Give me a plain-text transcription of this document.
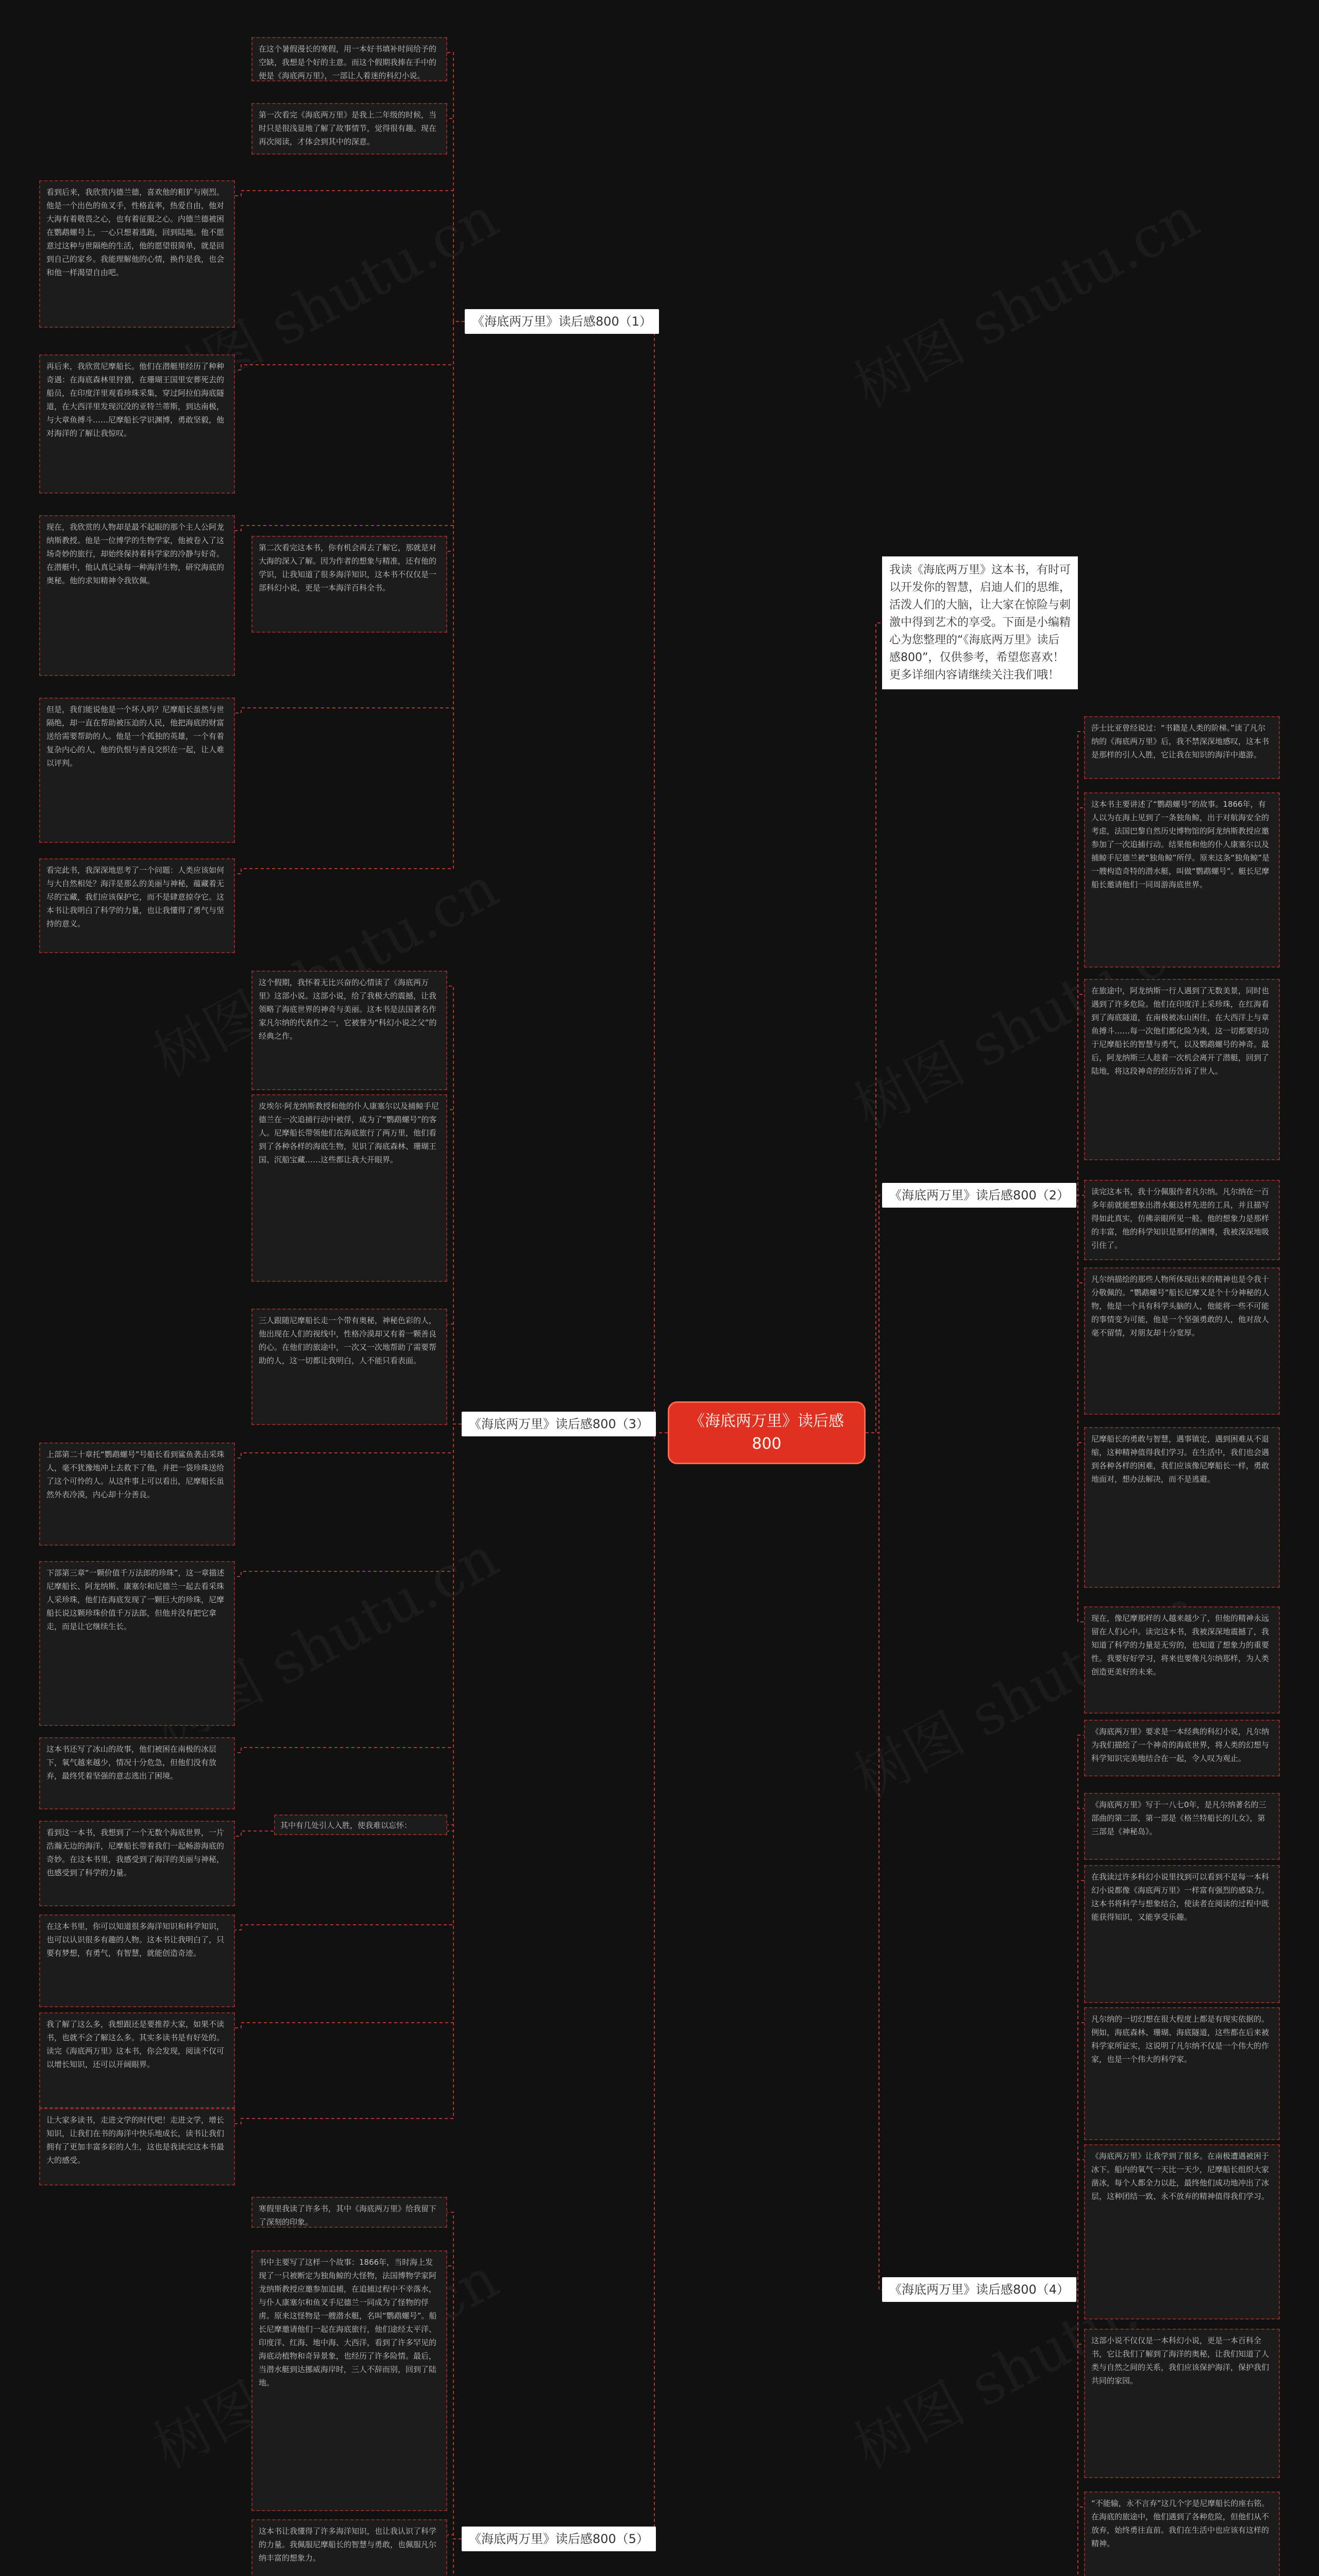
《海底两万里》读后感800
我读《海底两万里》这本书，有时可以开发你的智慧，启迪人们的思维，活泼人们的大脑，让大家在惊险与刺激中得到艺术的享受。下面是小编精心为您整理的“《海底两万里》读后感800”，仅供参考，希望您喜欢！更多详细内容请继续关注我们哦！
《海底两万里》读后感800（1）
在这个暑假漫长的寒假，用一本好书填补时间给予的空缺，我想是个好的主意。而这个假期我捧在手中的便是《海底两万里》，一部让人着迷的科幻小说。
第一次看完《海底两万里》是我上二年级的时候，当时只是很浅显地了解了故事情节，觉得很有趣。现在再次阅读，才体会到其中的深意。
看到后来，我欣赏内德兰德，喜欢他的粗犷与刚烈。他是一个出色的鱼叉手，性格直率，热爱自由，他对大海有着敬畏之心，也有着征服之心。内德兰德被困在鹦鹉螺号上，一心只想着逃跑，回到陆地。他不愿意过这种与世隔绝的生活，他的愿望很简单，就是回到自己的家乡。我能理解他的心情，换作是我，也会和他一样渴望自由吧。
再后来，我欣赏尼摩船长。他们在潜艇里经历了种种奇遇：在海底森林里狩猎，在珊瑚王国里安葬死去的船员，在印度洋里观看珍珠采集，穿过阿拉伯海底隧道，在大西洋里发现沉没的亚特兰蒂斯，到达南极，与大章鱼搏斗……尼摩船长学识渊博，勇敢坚毅，他对海洋的了解让我惊叹。
现在，我欣赏的人物却是最不起眼的那个主人公阿龙纳斯教授。他是一位博学的生物学家，他被卷入了这场奇妙的旅行，却始终保持着科学家的冷静与好奇。在潜艇中，他认真记录每一种海洋生物，研究海底的奥秘。他的求知精神令我钦佩。
但是，我们能说他是一个坏人吗？尼摩船长虽然与世隔绝，却一直在帮助被压迫的人民，他把海底的财富送给需要帮助的人。他是一个孤独的英雄，一个有着复杂内心的人，他的仇恨与善良交织在一起，让人难以评判。
看完此书，我深深地思考了一个问题：人类应该如何与大自然相处？海洋是那么的美丽与神秘，蕴藏着无尽的宝藏，我们应该保护它，而不是肆意掠夺它。这本书让我明白了科学的力量，也让我懂得了勇气与坚持的意义。
第二次看完这本书，你有机会再去了解它，那就是对大海的深入了解。因为作者的想象与精准，还有他的学识，让我知道了很多海洋知识，这本书不仅仅是一部科幻小说，更是一本海洋百科全书。
《海底两万里》读后感800（2）
莎士比亚曾经说过：“书籍是人类的阶梯。”读了凡尔纳的《海底两万里》后，我不禁深深地感叹，这本书是那样的引人入胜，它让我在知识的海洋中遨游。
这本书主要讲述了“鹦鹉螺号”的故事。1866年，有人以为在海上见到了一条独角鲸，出于对航海安全的考虑，法国巴黎自然历史博物馆的阿龙纳斯教授应邀参加了一次追捕行动。结果他和他的仆人康塞尔以及捕鲸手尼德兰被“独角鲸”所俘。原来这条“独角鲸”是一艘构造奇特的潜水艇，叫做“鹦鹉螺号”。艇长尼摩船长邀请他们一同周游海底世界。
在旅途中，阿龙纳斯一行人遇到了无数美景，同时也遇到了许多危险。他们在印度洋上采珍珠，在红海看到了海底隧道，在南极被冰山困住，在大西洋上与章鱼搏斗……每一次他们都化险为夷，这一切都要归功于尼摩船长的智慧与勇气，以及鹦鹉螺号的神奇。最后，阿龙纳斯三人趁着一次机会离开了潜艇，回到了陆地，将这段神奇的经历告诉了世人。
读完这本书，我十分佩服作者凡尔纳。凡尔纳在一百多年前就能想象出潜水艇这样先进的工具，并且描写得如此真实，仿佛亲眼所见一般。他的想象力是那样的丰富，他的科学知识是那样的渊博，我被深深地吸引住了。
凡尔纳描绘的那些人物所体现出来的精神也是令我十分敬佩的。“鹦鹉螺号”船长尼摩又是个十分神秘的人物，他是一个具有科学头脑的人，他能将一些不可能的事情变为可能，他是一个坚强勇敢的人，他对敌人毫不留情，对朋友却十分宽厚。
尼摩船长的勇敢与智慧，遇事镇定，遇到困难从不退缩，这种精神值得我们学习。在生活中，我们也会遇到各种各样的困难，我们应该像尼摩船长一样，勇敢地面对，想办法解决，而不是逃避。
现在，像尼摩那样的人越来越少了，但他的精神永远留在人们心中。读完这本书，我被深深地震撼了，我知道了科学的力量是无穷的，也知道了想象力的重要性。我要好好学习，将来也要像凡尔纳那样，为人类创造更美好的未来。
《海底两万里》读后感800（3）
这个假期，我怀着无比兴奋的心情读了《海底两万里》这部小说。这部小说，给了我极大的震撼，让我领略了海底世界的神奇与美丽。这本书是法国著名作家凡尔纳的代表作之一，它被誉为“科幻小说之父”的经典之作。
皮埃尔·阿龙纳斯教授和他的仆人康塞尔以及捕鲸手尼德兰在一次追捕行动中被俘，成为了“鹦鹉螺号”的客人。尼摩船长带领他们在海底旅行了两万里，他们看到了各种各样的海底生物，见识了海底森林、珊瑚王国、沉船宝藏……这些都让我大开眼界。
三人跟随尼摩船长走一个带有奥秘，神秘色彩的人，他出现在人们的视线中，性格冷漠却又有着一颗善良的心。在他们的旅途中，一次又一次地帮助了需要帮助的人，这一切都让我明白，人不能只看表面。
上部第二十章托“鹦鹉螺号”号船长看到鲨鱼袭击采珠人，毫不犹豫地冲上去救下了他，并把一袋珍珠送给了这个可怜的人。从这件事上可以看出，尼摩船长虽然外表冷漠，内心却十分善良。
下部第三章“一颗价值千万法郎的珍珠”，这一章描述尼摩船长、阿龙纳斯、康塞尔和尼德兰一起去看采珠人采珍珠，他们在海底发现了一颗巨大的珍珠，尼摩船长说这颗珍珠价值千万法郎，但他并没有把它拿走，而是让它继续生长。
这本书还写了冰山的故事，他们被困在南极的冰层下，氧气越来越少，情况十分危急，但他们没有放弃，最终凭着坚强的意志逃出了困境。
看到这一本书，我想到了一个无数个海底世界，一片浩瀚无边的海洋，尼摩船长带着我们一起畅游海底的奇妙。在这本书里，我感受到了海洋的美丽与神秘，也感受到了科学的力量。
在这本书里，你可以知道很多海洋知识和科学知识，也可以认识很多有趣的人物。这本书让我明白了，只要有梦想，有勇气，有智慧，就能创造奇迹。
我了解了这么多，我想跟还是要推荐大家，如果不读书，也就不会了解这么多。其实多读书是有好处的。读完《海底两万里》这本书，你会发现，阅读不仅可以增长知识，还可以开阔眼界。
让大家多读书，走进文学的时代吧！走进文学，增长知识，让我们在书的海洋中快乐地成长，读书让我们拥有了更加丰富多彩的人生，这也是我读完这本书最大的感受。
其中有几处引人入胜，使我难以忘怀：
《海底两万里》读后感800（4）
《海底两万里》要求是一本经典的科幻小说，凡尔纳为我们描绘了一个神奇的海底世界，将人类的幻想与科学知识完美地结合在一起，令人叹为观止。
《海底两万里》写于一八七0年，是凡尔纳著名的三部曲的第二部，第一部是《格兰特船长的儿女》，第三部是《神秘岛》。
在我读过许多科幻小说里找到可以看到不是每一本科幻小说都像《海底两万里》一样富有强烈的感染力。这本书将科学与想象结合，使读者在阅读的过程中既能获得知识，又能享受乐趣。
凡尔纳的一切幻想在很大程度上都是有现实依据的。例如，海底森林、珊瑚、海底隧道，这些都在后来被科学家所证实，这说明了凡尔纳不仅是一个伟大的作家，也是一个伟大的科学家。
《海底两万里》让我学到了很多。在南极遭遇被困于冰下。船内的氧气一天比一天少，尼摩船长组织大家凿冰，每个人都全力以赴，最终他们成功地冲出了冰层，这种团结一致、永不放弃的精神值得我们学习。
这部小说不仅仅是一本科幻小说，更是一本百科全书，它让我们了解到了海洋的奥秘，让我们知道了人类与自然之间的关系，我们应该保护海洋，保护我们共同的家园。
“不能输，永不言弃”这几个字是尼摩船长的座右铭。在海底的旅途中，他们遇到了各种危险，但他们从不放弃，始终勇往直前。我们在生活中也应该有这样的精神。
《海底两万里》读后感800（5）
寒假里我读了许多书，其中《海底两万里》给我留下了深刻的印象。
书中主要写了这样一个故事：1866年，当时海上发现了一只被断定为独角鲸的大怪物，法国博物学家阿龙纳斯教授应邀参加追捕，在追捕过程中不幸落水，与仆人康塞尔和鱼叉手尼德兰一同成为了怪物的俘虏。原来这怪物是一艘潜水艇，名叫“鹦鹉螺号”。船长尼摩邀请他们一起在海底旅行，他们途经太平洋、印度洋、红海、地中海、大西洋，看到了许多罕见的海底动植物和奇异景象，也经历了许多险情。最后，当潜水艇到达挪威海岸时，三人不辞而别，回到了陆地。
这本书让我懂得了许多海洋知识，也让我认识了科学的力量。我佩服尼摩船长的智慧与勇敢，也佩服凡尔纳丰富的想象力。
